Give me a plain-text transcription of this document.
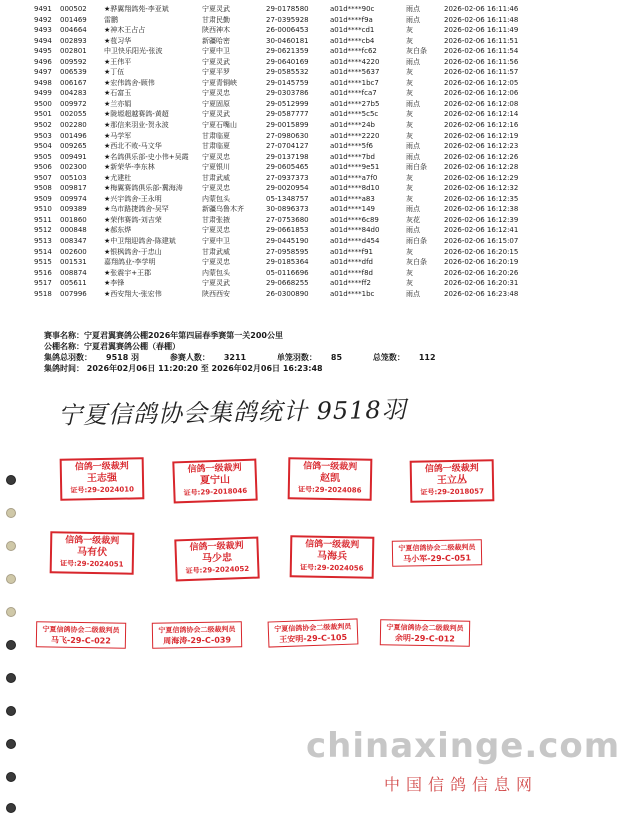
9491	000502	★骅翼翔鸽苑-李亚斌	宁夏灵武	29-0178580	a01d****90c	雨点	2026-02-06 16:11:46
9492	001469	雷鹏	甘肃民勤	27-0395928	a01d****f9a	雨点	2026-02-06 16:11:48
9493	004664	★神木王占占	陕西神木	26-0006453	a01d****cd1	灰	2026-02-06 16:11:49
9494	002893	★苞习华	新疆哈密	30-0460181	a01d****cb4	灰	2026-02-06 16:11:51
9495	002801	中卫快乐阳光-张波	宁夏中卫	29-0621359	a01d****fc62	灰白条	2026-02-06 16:11:54
9496	009592	★王伟平	宁夏灵武	29-0640169	a01d****4220	雨点	2026-02-06 16:11:56
9497	006539	★丁伍	宁夏平罗	29-0585532	a01d****5637	灰	2026-02-06 16:11:57
9498	006167	★宏伟鸽舍-顾伟	宁夏青铜峡	29-0145759	a01d****1bc7	灰	2026-02-06 16:12:05
9499	004283	★石富玉	宁夏灵忠	29-0303786	a01d****fca7	灰	2026-02-06 16:12:06
9500	009972	★兰亦娟	宁夏固原	29-0512999	a01d****27b5	雨点	2026-02-06 16:12:08
9501	002055	★陇塬超越赛鸽-黄超	宁夏灵武	29-0587777	a01d****5c5c	灰	2026-02-06 16:12:14
9502	002280	★那信来羽业-贺永波	宁夏石嘴山	29-0015899	a01d****24b	灰	2026-02-06 16:12:16
9503	001496	★马学军	甘肃临夏	27-0980630	a01d****2220	灰	2026-02-06 16:12:19
9504	009265	★西北不败-马文华	甘肃临夏	27-0704127	a01d****5f6	雨点	2026-02-06 16:12:23
9505	009491	★名鸽俱乐部-史小伟+吴霞	宁夏灵忠	29-0137198	a01d****7bd	雨点	2026-02-06 16:12:26
9506	002300	★新荣华-李东林	宁夏银川	29-0605465	a01d****9e51	雨白条	2026-02-06 16:12:28
9507	005103	★尤建杜	甘肃武威	27-0937373	a01d****a7f0	灰	2026-02-06 16:12:29
9508	009817	★梅翼赛鸽俱乐部-冀海涛	宁夏灵忠	29-0020954	a01d****8d10	灰	2026-02-06 16:12:32
9509	009974	★兴宇鸽舍-王永明	内蒙包头	05-1348757	a01d****a83	灰	2026-02-06 16:12:35
9510	009389	★乌市路捷鸽舍-吴罕	新疆乌鲁木齐	30-0896373	a01d****149	雨点	2026-02-06 16:12:38
9511	001860	★荣伟赛鸽-刘吉荣	甘肃张掖	27-0753680	a01d****6c89	灰花	2026-02-06 16:12:39
9512	000848	★郝东烨	宁夏灵忠	29-0661853	a01d****84d0	雨点	2026-02-06 16:12:41
9513	008347	★中卫翔迎鸽舍-陈建斌	宁夏中卫	29-0445190	a01d****d454	雨白条	2026-02-06 16:15:07
9514	002600	★银枫鸽舍-于忠山	甘肃武威	27-0958595	a01d****f91	灰	2026-02-06 16:20:15
9515	001531	嘉翔鸽业-李学明	宁夏灵忠	29-0185364	a01d****dfd	灰白条	2026-02-06 16:20:19
9516	008874	★张震宇+王郡	内蒙包头	05-0116696	a01d****f8d	灰	2026-02-06 16:20:26
9517	005611	★李锋	宁夏灵武	29-0668255	a01d****ff2	灰	2026-02-06 16:20:31
9518	007996	★西安翔大-张宏伟	陕西西安	26-0300890	a01d****1bc	雨点	2026-02-06 16:23:48
赛事名称：宁夏君翼赛鸽公棚2026年第四届春季赛第一关200公里
公棚名称：宁夏君翼赛鸽公棚（春棚）
集鸽总羽数： 9518 羽	参赛人数： 3211	单笼羽数： 85	总笼数： 112
集鸽时间： 2026年02月06日 11:20:20 至 2026年02月06日 16:23:48
宁夏信鸽协会集鸽统计 9518羽
信鸽一级裁判
王志强
证号:29-2024010
信鸽一级裁判
夏宁山
证号:29-2018046
信鸽一级裁判
赵凯
证号:29-2024086
信鸽一级裁判
王立丛
证号:29-2018057
信鸽一级裁判
马有伏
证号:29-2024051
信鸽一级裁判
马少忠
证号:29-2024052
信鸽一级裁判
马海兵
证号:29-2024056
宁夏信鸽协会二级裁判员
马小军-29-C-051
宁夏信鸽协会二级裁判员
马飞-29-C-022
宁夏信鸽协会二级裁判员
周海涛-29-C-039
宁夏信鸽协会二级裁判员
王安明-29-C-105
宁夏信鸽协会二级裁判员
余明-29-C-012
chinaxinge.com
中国信鸽信息网
